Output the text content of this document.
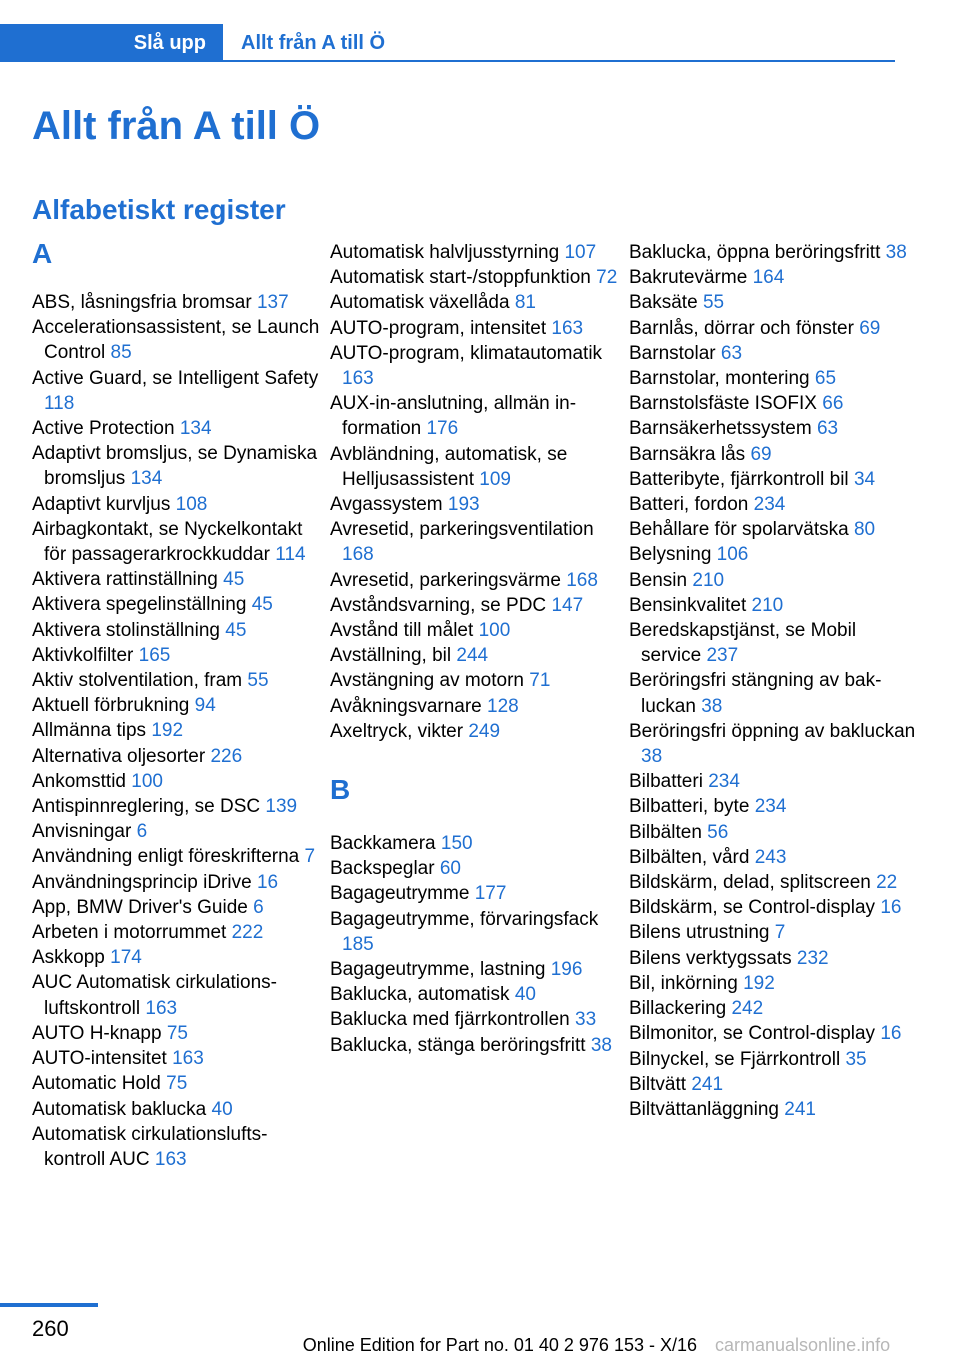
Slå upp	Allt från A till Ö
Allt från A till Ö
Alfabetiskt register
A
ABS, låsningsfria bromsar 137
Accelerationsassistent, se Launch Control 85
Active Guard, se Intelligent Safety 118
Active Protection 134
Adaptivt bromsljus, se Dynamiska bromsljus 134
Adaptivt kurvljus 108
Airbagkontakt, se Nyckelkontakt för passagerarkrockkuddar 114
Aktivera rattinställning 45
Aktivera spegelinställning 45
Aktivera stolinställning 45
Aktivkolfilter 165
Aktiv stolventilation, fram 55
Aktuell förbrukning 94
Allmänna tips 192
Alternativa oljesorter 226
Ankomsttid 100
Antispinnreglering, se DSC 139
Anvisningar 6
Användning enligt föreskrifterna 7
Användningsprincip iDrive 16
App, BMW Driver's Guide 6
Arbeten i motorrummet 222
Askkopp 174
AUC Automatisk cirkulationsluftskontroll 163
AUTO H-knapp 75
AUTO-intensitet 163
Automatic Hold 75
Automatisk baklucka 40
Automatisk cirkulationsluftskontroll AUC 163
Automatisk halvljusstyrning 107
Automatisk start-/stoppfunktion 72
Automatisk växellåda 81
AUTO-program, intensitet 163
AUTO-program, klimatautomatik 163
AUX-in-anslutning, allmän information 176
Avbländning, automatisk, se Helljusassistent 109
Avgassystem 193
Avresetid, parkeringsventilation 168
Avresetid, parkeringsvärme 168
Avståndsvarning, se PDC 147
Avstånd till målet 100
Avställning, bil 244
Avstängning av motorn 71
Avåkningsvarnare 128
Axeltryck, vikter 249
B
Backkamera 150
Backspeglar 60
Bagageutrymme 177
Bagageutrymme, förvaringsfack 185
Bagageutrymme, lastning 196
Baklucka, automatisk 40
Baklucka med fjärrkontrollen 33
Baklucka, stänga beröringsfritt 38
Baklucka, öppna beröringsfritt 38
Bakrutevärme 164
Baksäte 55
Barnlås, dörrar och fönster 69
Barnstolar 63
Barnstolar, montering 65
Barnstolsfäste ISOFIX 66
Barnsäkerhetssystem 63
Barnsäkra lås 69
Batteribyte, fjärrkontroll bil 34
Batteri, fordon 234
Behållare för spolarvätska 80
Belysning 106
Bensin 210
Bensinkvalitet 210
Beredskapstjänst, se Mobil service 237
Beröringsfri stängning av bakluckan 38
Beröringsfri öppning av bakluckan 38
Bilbatteri 234
Bilbatteri, byte 234
Bilbälten 56
Bilbälten, vård 243
Bildskärm, delad, splitscreen 22
Bildskärm, se Control-display 16
Bilens utrustning 7
Bilens verktygssats 232
Bil, inkörning 192
Billackering 242
Bilmonitor, se Control-display 16
Bilnyckel, se Fjärrkontroll 35
Biltvätt 241
Biltvättanläggning 241
260
Online Edition for Part no. 01 40 2 976 153 - X/16 carmanualsonline.info
